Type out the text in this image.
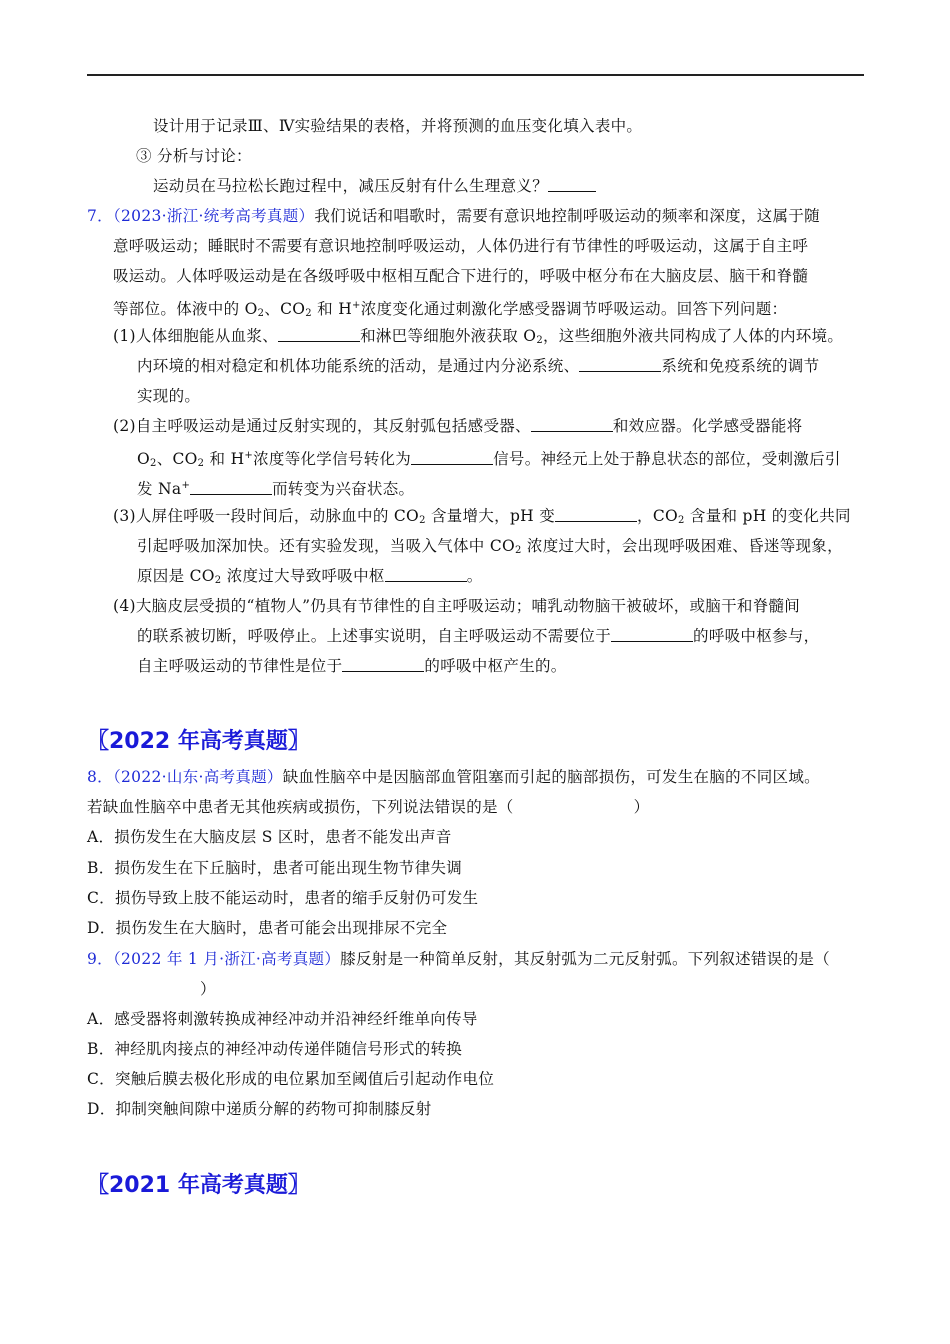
设计用于记录Ⅲ、Ⅳ实验结果的表格，并将预测的血压变化填入表中。
③ 分析与讨论：
运动员在马拉松长跑过程中，减压反射有什么生理意义？
7．（2023·浙江·统考高考真题）我们说话和唱歌时，需要有意识地控制呼吸运动的频率和深度，这属于随
意呼吸运动；睡眠时不需要有意识地控制呼吸运动，人体仍进行有节律性的呼吸运动，这属于自主呼
吸运动。人体呼吸运动是在各级呼吸中枢相互配合下进行的，呼吸中枢分布在大脑皮层、脑干和脊髓
等部位。体液中的 $O_2$、$CO_2$ 和 H+浓度变化通过刺激化学感受器调节呼吸运动。回答下列问题：
(1)人体细胞能从血浆、	和淋巴等细胞外液获取 $O_2$，这些细胞外液共同构成了人体的内环境。
内环境的相对稳定和机体功能系统的活动，是通过内分泌系统、	系统和免疫系统的调节
实现的。
(2)自主呼吸运动是通过反射实现的，其反射弧包括感受器、	和效应器。化学感受器能将
$O_2$、$CO_2$ 和 H+浓度等化学信号转化为	信号。神经元上处于静息状态的部位，受刺激后引
发 Na+	而转变为兴奋状态。
(3)人屏住呼吸一段时间后，动脉血中的 $CO_2$ 含量增大，pH 变	，$CO_2$ 含量和 pH 的变化共同
引起呼吸加深加快。还有实验发现，当吸入气体中 $CO_2$ 浓度过大时，会出现呼吸困难、昏迷等现象，
原因是 $CO_2$ 浓度过大导致呼吸中枢	。
(4)大脑皮层受损的“植物人”仍具有节律性的自主呼吸运动；哺乳动物脑干被破坏，或脑干和脊髓间
的联系被切断，呼吸停止。上述事实说明，自主呼吸运动不需要位于	的呼吸中枢参与，
自主呼吸运动的节律性是位于	的呼吸中枢产生的。
〖2022 年高考真题〗
8．（2022·山东·高考真题）缺血性脑卒中是因脑部血管阻塞而引起的脑部损伤，可发生在脑的不同区域。
若缺血性脑卒中患者无其他疾病或损伤，下列说法错误的是（	）
A．损伤发生在大脑皮层 S 区时，患者不能发出声音
B．损伤发生在下丘脑时，患者可能出现生物节律失调
C．损伤导致上肢不能运动时，患者的缩手反射仍可发生
D．损伤发生在大脑时，患者可能会出现排尿不完全
9．（2022 年 1 月·浙江·高考真题）膝反射是一种简单反射，其反射弧为二元反射弧。下列叙述错误的是（
）
A．感受器将刺激转换成神经冲动并沿神经纤维单向传导
B．神经肌肉接点的神经冲动传递伴随信号形式的转换
C．突触后膜去极化形成的电位累加至阈值后引起动作电位
D．抑制突触间隙中递质分解的药物可抑制膝反射
〖2021 年高考真题〗
